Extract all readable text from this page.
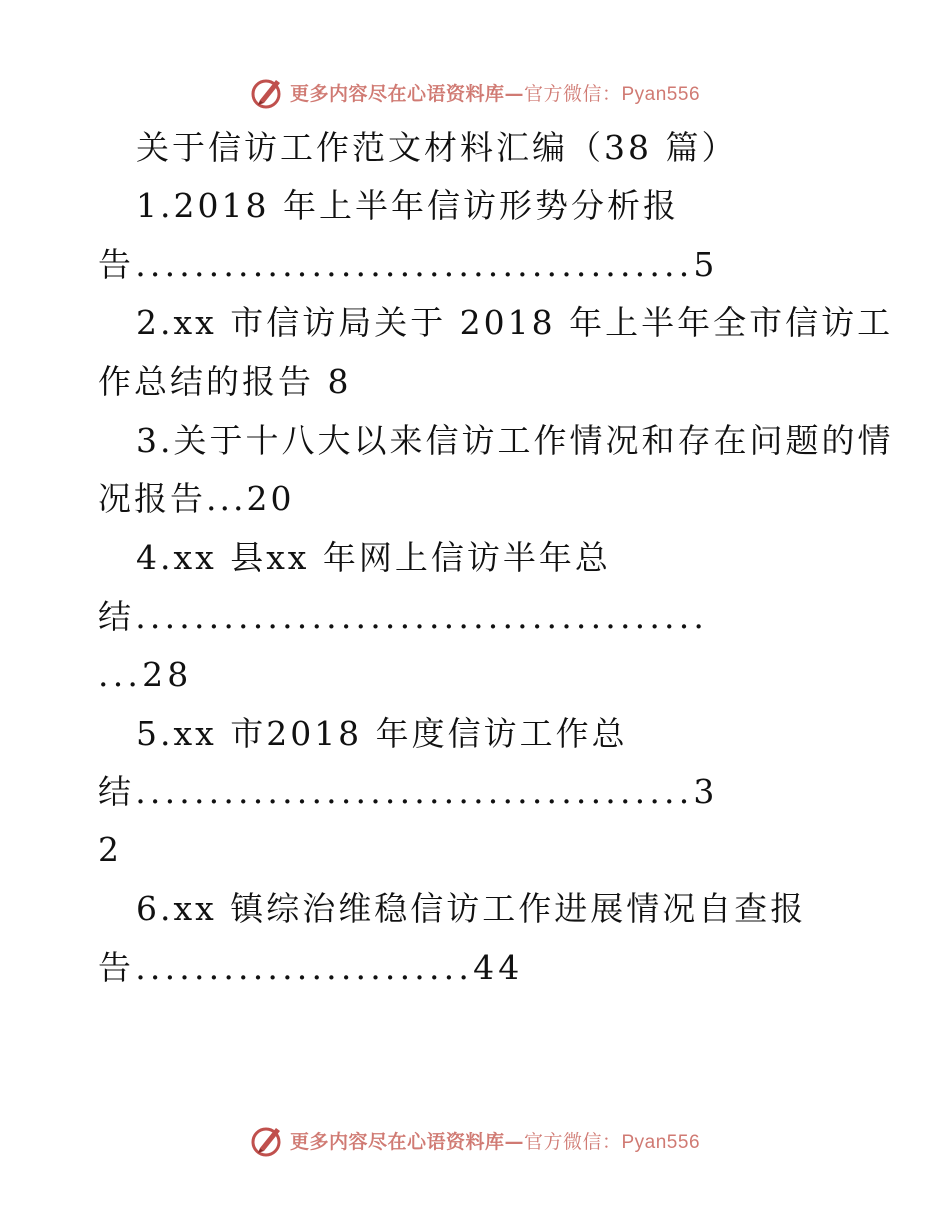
更多内容尽在心语资料库—官方微信：Pyan556
关于信访工作范文材料汇编（38 篇）
1.2018 年上半年信访形势分析报
告......................................5
2.xx 市信访局关于 2018 年上半年全市信访工
作总结的报告 8
3.关于十八大以来信访工作情况和存在问题的情
况报告...20
4.xx 县xx 年网上信访半年总
结.......................................
...28
5.xx 市2018 年度信访工作总
结......................................3
2
6.xx 镇综治维稳信访工作进展情况自查报
告.......................44
更多内容尽在心语资料库—官方微信：Pyan556
